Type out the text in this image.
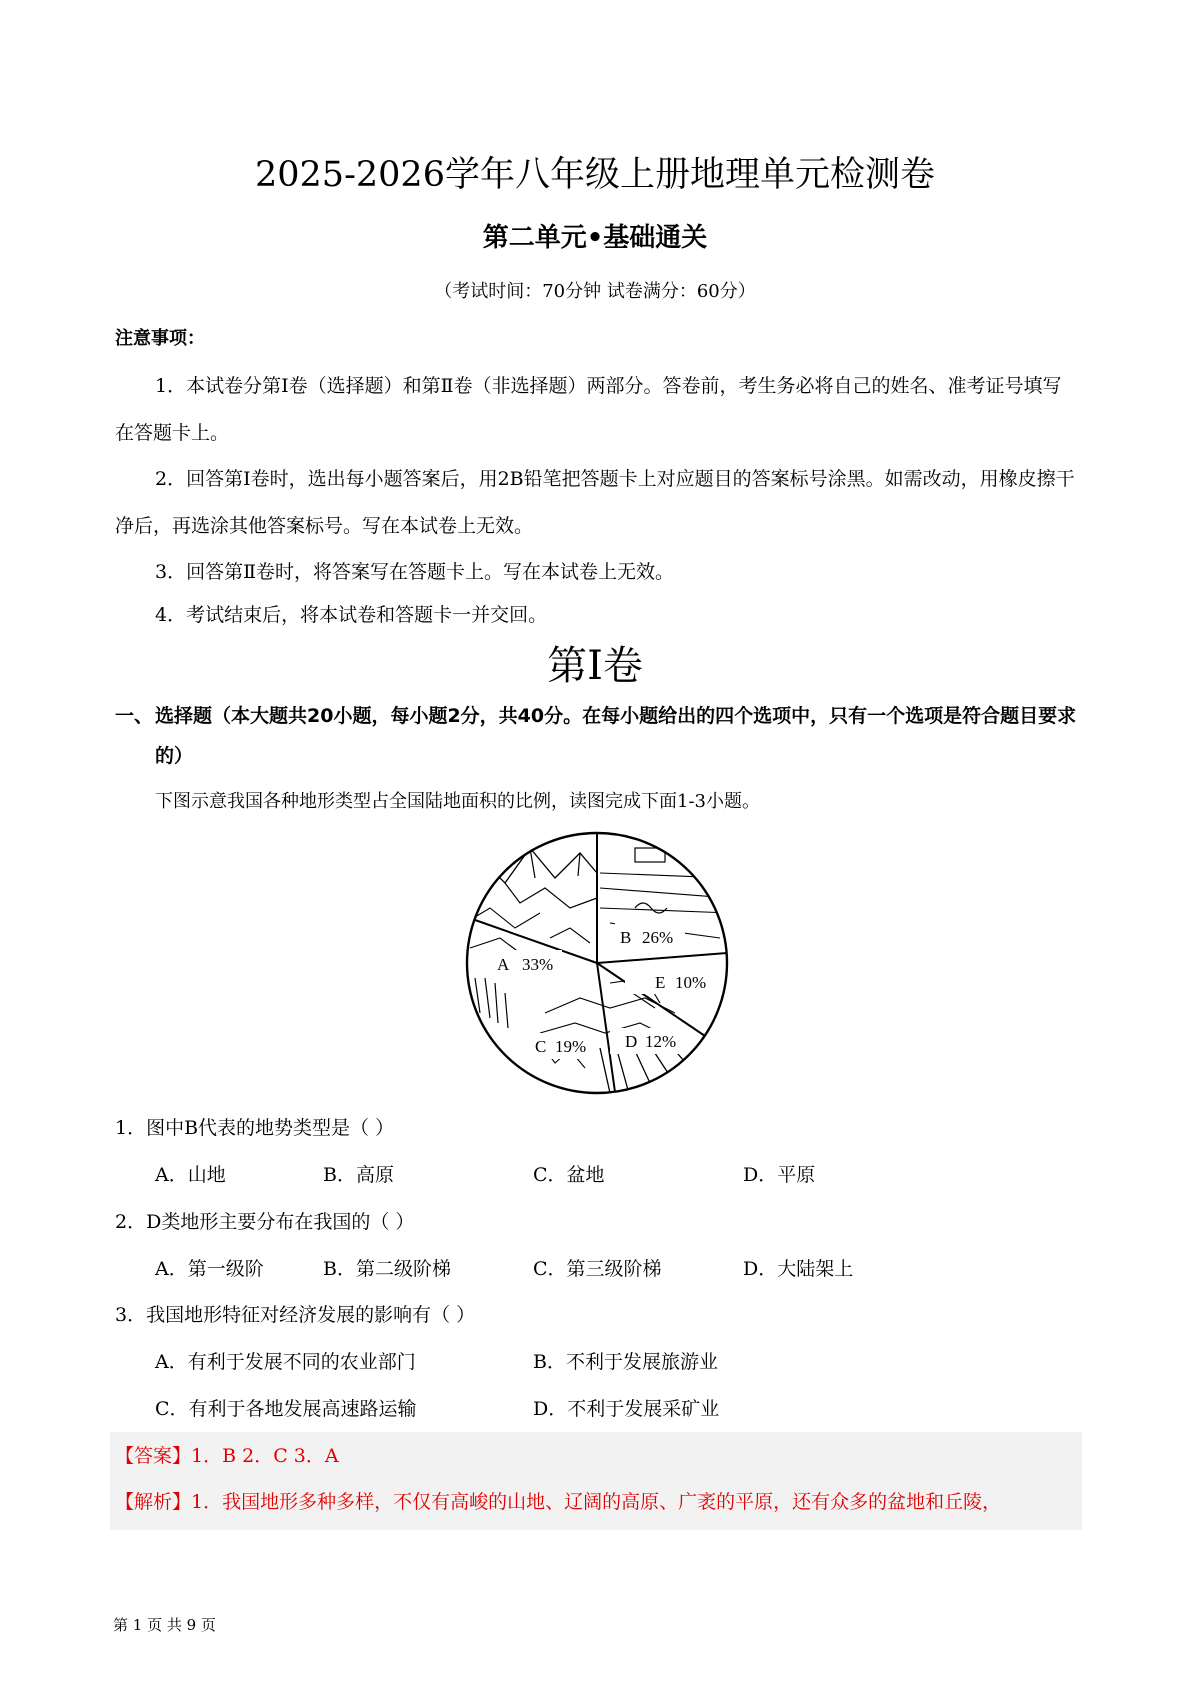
2025-2026学年八年级上册地理单元检测卷
第二单元•基础通关
（考试时间：70分钟 试卷满分：60分）
注意事项：
1．本试卷分第Ⅰ卷（选择题）和第Ⅱ卷（非选择题）两部分。答卷前，考生务必将自己的姓名、准考证号填写在答题卡上。
2．回答第Ⅰ卷时，选出每小题答案后，用2B铅笔把答题卡上对应题目的答案标号涂黑。如需改动，用橡皮擦干净后，再选涂其他答案标号。写在本试卷上无效。
3．回答第Ⅱ卷时，将答案写在答题卡上。写在本试卷上无效。
4．考试结束后，将本试卷和答题卡一并交回。
第Ⅰ卷
一、 选择题（本大题共20小题，每小题2分，共40分。在每小题给出的四个选项中，只有一个选项是符合题目要求的）
下图示意我国各种地形类型占全国陆地面积的比例，读图完成下面1-3小题。
B 26%
A 33%
E 10%
D 12%
C 19%
1．图中B代表的地势类型是（ ）
A．山地	B．高原	C．盆地	D．平原
2．D类地形主要分布在我国的（ ）
A．第一级阶	B．第二级阶梯	C．第三级阶梯	D．大陆架上
3．我国地形特征对经济发展的影响有（ ）
A．有利于发展不同的农业部门	B．不利于发展旅游业
C．有利于各地发展高速路运输	D．不利于发展采矿业
【答案】1．B 2．C 3．A
【解析】1．我国地形多种多样，不仅有高峻的山地、辽阔的高原、广袤的平原，还有众多的盆地和丘陵，
第 1 页 共 9 页
